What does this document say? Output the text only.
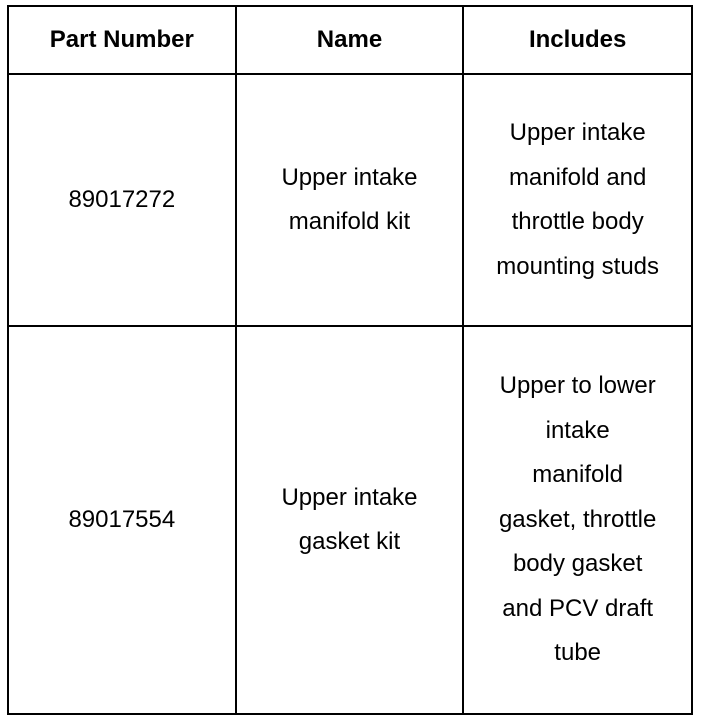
Part Number	Name	Includes
89017272	Upper intake manifold kit	Upper intake manifold and throttle body mounting studs
89017554	Upper intake gasket kit	Upper to lower intake manifold gasket, throttle body gasket and PCV draft tube
